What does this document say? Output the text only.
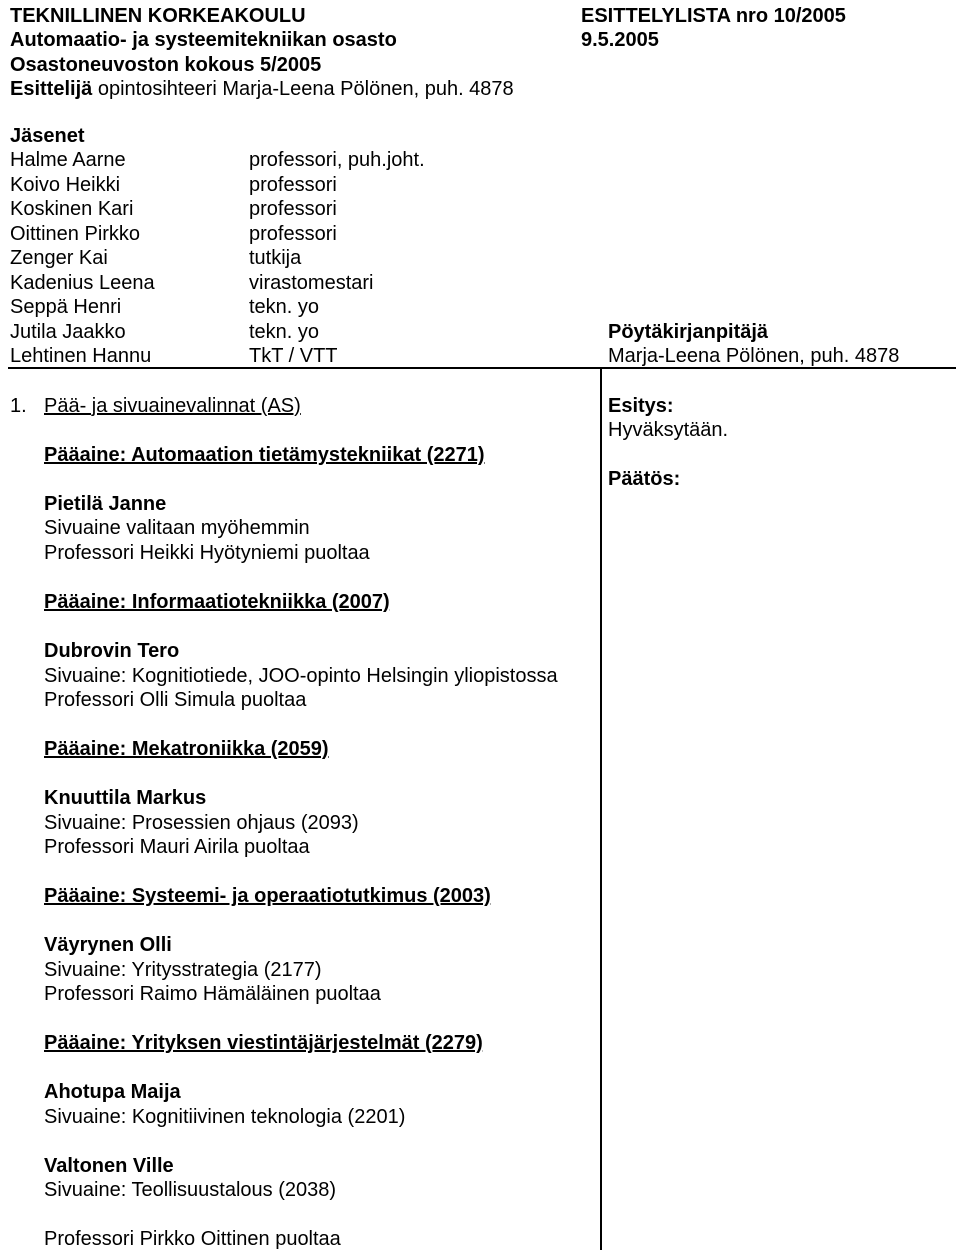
TEKNILLINEN KORKEAKOULU
Automaatio- ja systeemitekniikan osasto
Osastoneuvoston kokous 5/2005
Esittelijä opintosihteeri Marja-Leena Pölönen, puh. 4878
ESITTELYLISTA nro 10/2005
9.5.2005
Jäsenet
Halme Aarne	professori, puh.joht.
Koivo Heikki	professori
Koskinen Kari	professori
Oittinen Pirkko	professori
Zenger Kai	tutkija
Kadenius Leena	virastomestari
Seppä Henri	tekn. yo
Jutila Jaakko	tekn. yo
Lehtinen Hannu	TkT / VTT
Pöytäkirjanpitäjä
Marja-Leena Pölönen, puh. 4878
1. Pää- ja sivuainevalinnat (AS)	Esitys:
Hyväksytään.
Päätös:
Pääaine: Automaation tietämystekniikat (2271)
Pietilä Janne
Sivuaine valitaan myöhemmin
Professori Heikki Hyötyniemi puoltaa
Pääaine: Informaatiotekniikka (2007)
Dubrovin Tero
Sivuaine: Kognitiotiede, JOO-opinto Helsingin yliopistossa
Professori Olli Simula puoltaa
Pääaine: Mekatroniikka (2059)
Knuuttila Markus
Sivuaine: Prosessien ohjaus (2093)
Professori Mauri Airila puoltaa
Pääaine: Systeemi- ja operaatiotutkimus (2003)
Väyrynen Olli
Sivuaine: Yritysstrategia (2177)
Professori Raimo Hämäläinen puoltaa
Pääaine: Yrityksen viestintäjärjestelmät (2279)
Ahotupa Maija
Sivuaine: Kognitiivinen teknologia (2201)
Valtonen Ville
Sivuaine: Teollisuustalous (2038)
Professori Pirkko Oittinen puoltaa
